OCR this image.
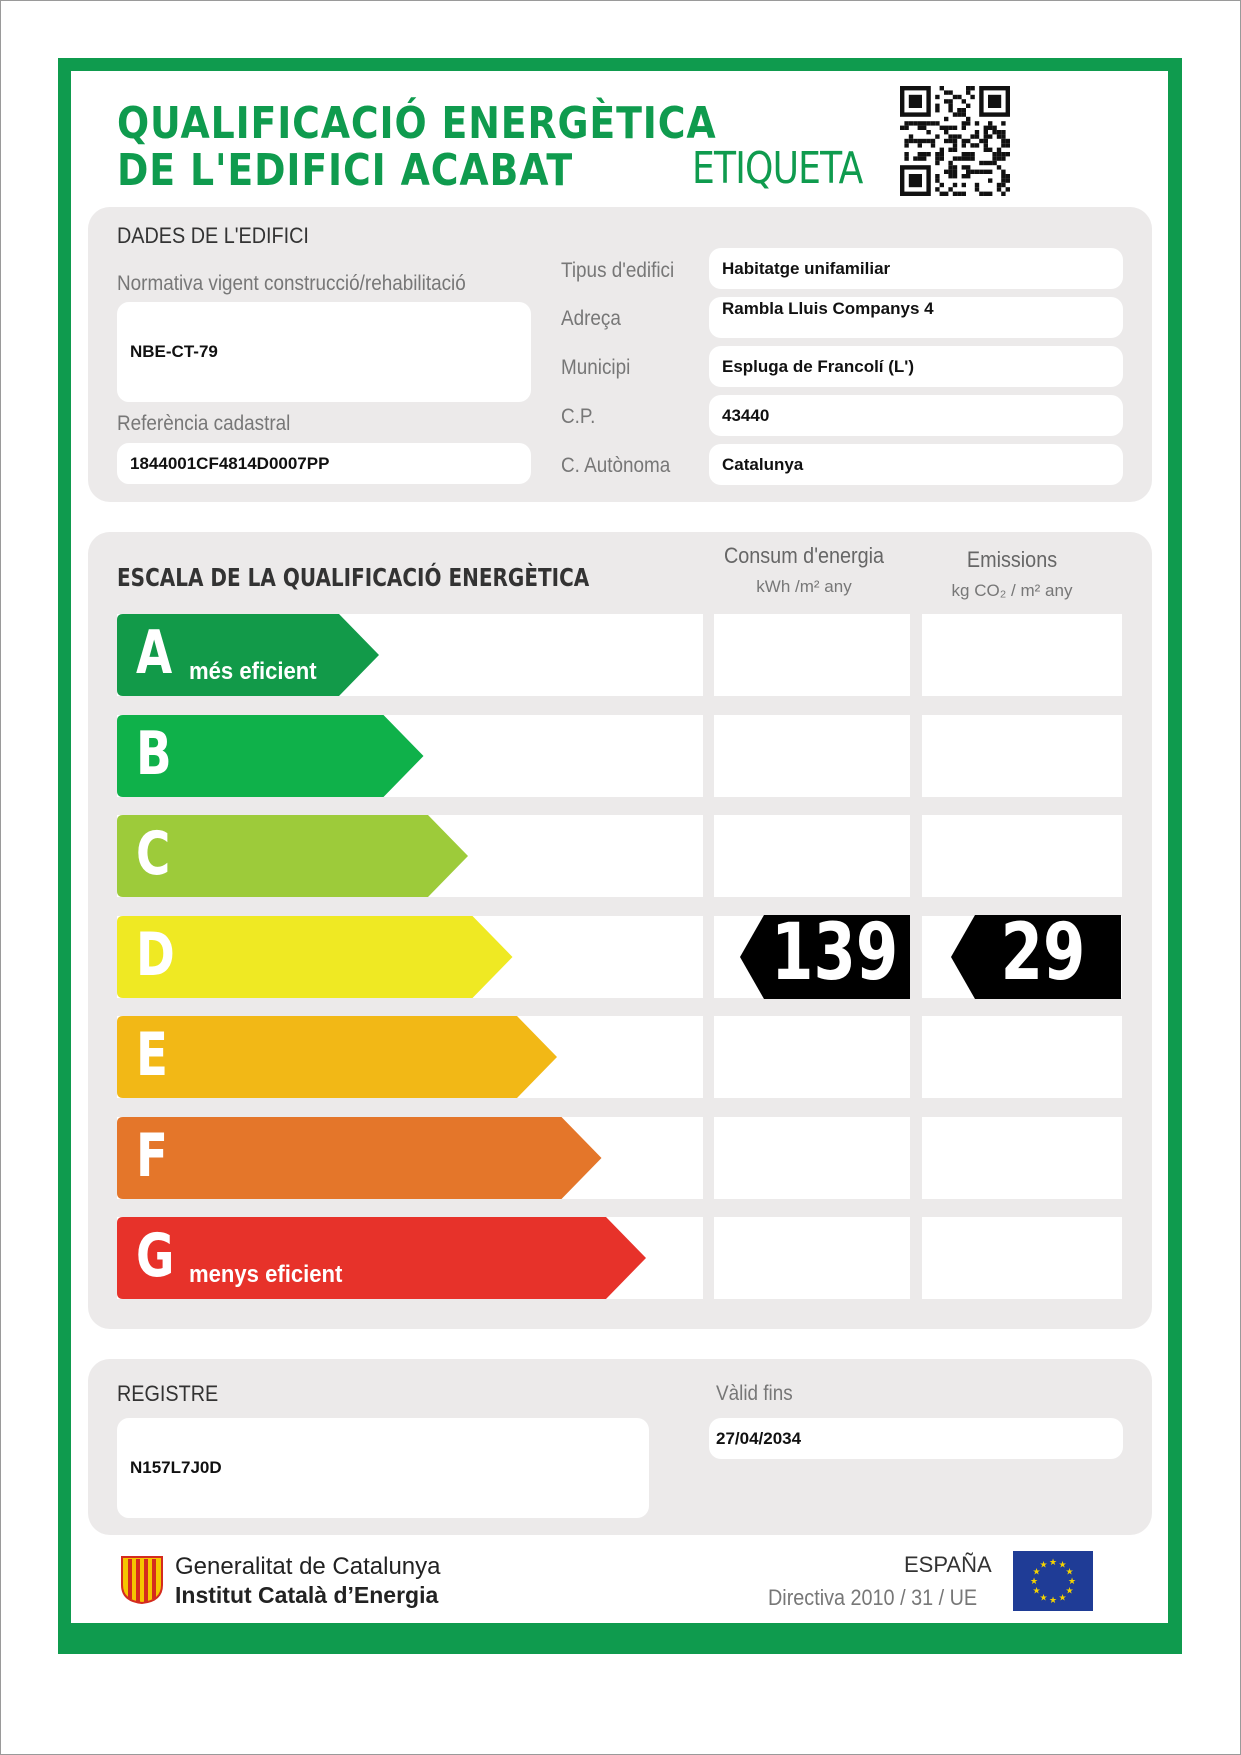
QUALIFICACIÓ ENERGÈTICA
DE L'EDIFICI ACABAT	ETIQUETA
DADES DE L'EDIFICI
Normativa vigent construcció/rehabilitació
NBE-CT-79
Referència cadastral
1844001CF4814D0007PP
Tipus d'edifici	Habitatge unifamiliar
Adreça	Rambla Lluis Companys 4
Municipi	Espluga de Francolí (L')
C.P.	43440
C. Autònoma	Catalunya
ESCALA DE LA QUALIFICACIÓ ENERGÈTICA
Consum d'energia
kWh /m² any
Emissions
kg CO₂ / m² any
A més eficient
B
C
D	139 29
E
F
G menys eficient
REGISTRE
N157L7J0D
Vàlid fins
27/04/2034
Generalitat de Catalunya
Institut Català d’Energia
ESPAÑA
Directiva 2010 / 31 / UE
★
★
★
★
★
★
★
★
★ ★ ★
★
